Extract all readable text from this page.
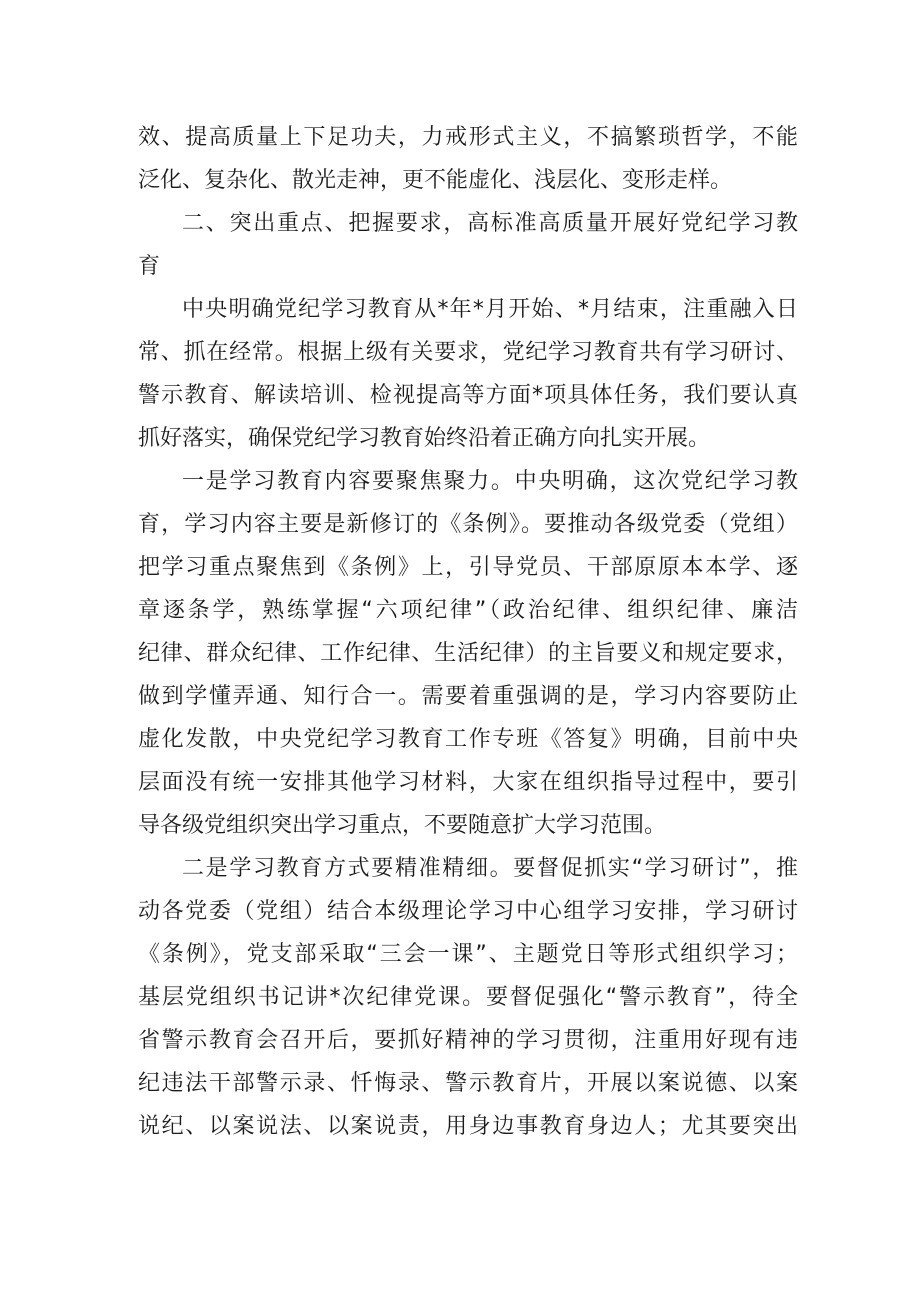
效、提高质量上下足功夫，力戒形式主义，不搞繁琐哲学，不能
泛化、复杂化、散光走神，更不能虚化、浅层化、变形走样。
二、突出重点、把握要求，高标准高质量开展好党纪学习教
育
中央明确党纪学习教育从*年*月开始、*月结束，注重融入日
常、抓在经常。根据上级有关要求，党纪学习教育共有学习研讨、
警示教育、解读培训、检视提高等方面*项具体任务，我们要认真
抓好落实，确保党纪学习教育始终沿着正确方向扎实开展。
一是学习教育内容要聚焦聚力。中央明确，这次党纪学习教
育，学习内容主要是新修订的《条例》。要推动各级党委（党组）
把学习重点聚焦到《条例》上，引导党员、干部原原本本学、逐
章逐条学，熟练掌握“六项纪律”（政治纪律、组织纪律、廉洁
纪律、群众纪律、工作纪律、生活纪律）的主旨要义和规定要求，
做到学懂弄通、知行合一。需要着重强调的是，学习内容要防止
虚化发散，中央党纪学习教育工作专班《答复》明确，目前中央
层面没有统一安排其他学习材料，大家在组织指导过程中，要引
导各级党组织突出学习重点，不要随意扩大学习范围。
二是学习教育方式要精准精细。要督促抓实“学习研讨”，推
动各党委（党组）结合本级理论学习中心组学习安排，学习研讨
《条例》，党支部采取“三会一课”、主题党日等形式组织学习；
基层党组织书记讲*次纪律党课。要督促强化“警示教育”，待全
省警示教育会召开后，要抓好精神的学习贯彻，注重用好现有违
纪违法干部警示录、忏悔录、警示教育片，开展以案说德、以案
说纪、以案说法、以案说责，用身边事教育身边人；尤其要突出
